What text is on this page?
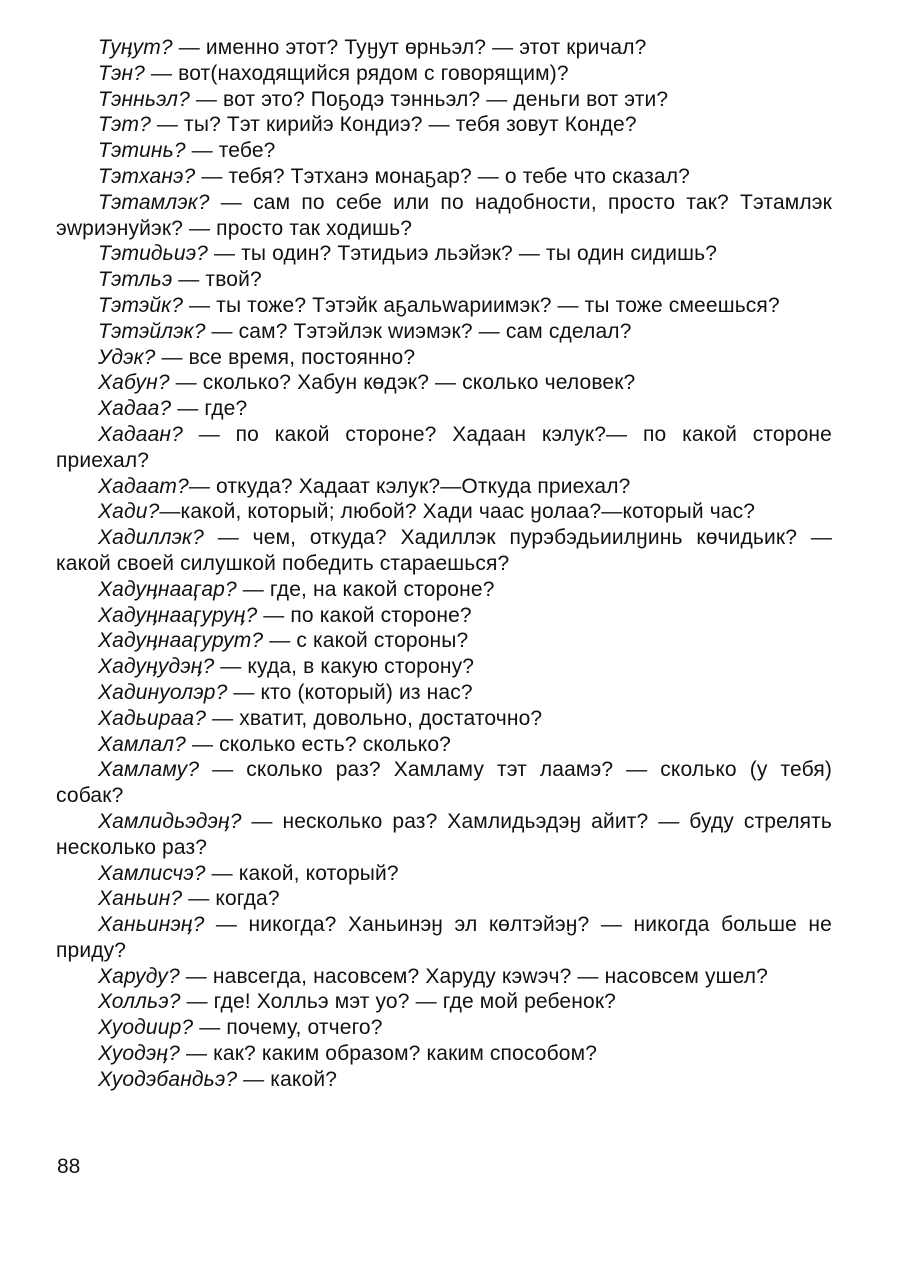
Туӊут? — именно этот? Туӈут өрньэл? — этот кричал?

Тэн? — вот(находящийся рядом с говорящим)?

Тэнньэл? — вот это? Поҕодэ тэнньэл? — деньги вот эти?

Тэт? — ты? Тэт кирийэ Кондиэ? — тебя зовут Конде?

Тэтинь? — тебе?

Тэтханэ? — тебя? Тэтханэ монаҕар? — о тебе что сказал?

Тэтамлэк? — сам по себе или по надобности, просто так? Тэтамлэк эwриэнуйэк? — просто так ходишь?

Тэтидьиэ? — ты один? Тэтидьиэ льэйэк? — ты один сидишь?

Тэтльэ — твой?

Тэтэйк? — ты тоже? Тэтэйк аҕальwариимэк? — ты тоже смеешься?

Тэтэйлэк? — сам? Тэтэйлэк wиэмэк? — сам сделал?

Удэк? — все время, постоянно?

Хабун? — сколько? Хабун көдэк? — сколько человек?

Хадаа? — где?

Хадаан? — по какой стороне? Хадаан кэлук?— по какой стороне приехал?

Хадаат?— откуда? Хадаат кэлук?—Откуда приехал?

Хади?—какой, который; любой? Хади чаас ӈолаа?—который час?

Хадиллэк? — чем, откуда? Хадиллэк пурэбэдьиилӈинь көчидьик? — какой своей силушкой победить стараешься?

Хадуӊнааӷар? — где, на какой стороне?

Хадуӊнааӷуруӊ? — по какой стороне?

Хадуӊнааӷурут? — с какой стороны?

Хадуӊудэӊ? — куда, в какую сторону?

Хадинуолэр? — кто (который) из нас?

Хадьираа? — хватит, довольно, достаточно?

Хамлал? — сколько есть? сколько?

Хамламу? — сколько раз? Хамламу тэт лаамэ? — сколько (у тебя) собак?

Хамлидьэдэӊ? — несколько раз? Хамлидьэдэӈ айит? — буду стрелять несколько раз?

Хамлисчэ? — какой, который?

Ханьин? — когда?

Ханьинэӊ? — никогда? Ханьинэӈ эл көлтэйэӈ? — никогда больше не приду?

Харуду? — навсегда, насовсем? Харуду кэwэч? — насовсем ушел?

Холльэ? — где! Холльэ мэт уо? — где мой ребенок?

Хуодиир? — почему, отчего?

Хуодэӊ? — как? каким образом? каким способом?

Хуодэбандьэ? — какой?

88
